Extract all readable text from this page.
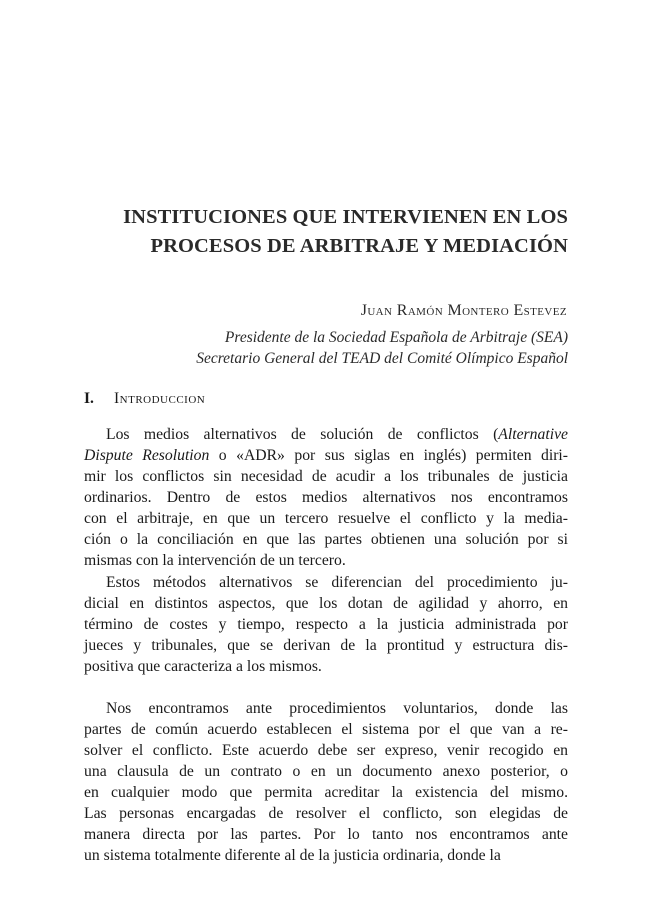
INSTITUCIONES QUE INTERVIENEN EN LOS
PROCESOS DE ARBITRAJE Y MEDIACIÓN
Juan Ramón Montero Estevez
Presidente de la Sociedad Española de Arbitraje (SEA)
Secretario General del TEAD del Comité Olímpico Español
I. Introduccion
Los medios alternativos de solución de conflictos (Alternative
Dispute Resolution o «ADR» por sus siglas en inglés) permiten diri-
mir los conflictos sin necesidad de acudir a los tribunales de justicia
ordinarios. Dentro de estos medios alternativos nos encontramos
con el arbitraje, en que un tercero resuelve el conflicto y la media-
ción o la conciliación en que las partes obtienen una solución por si
mismas con la intervención de un tercero.
Estos métodos alternativos se diferencian del procedimiento ju-
dicial en distintos aspectos, que los dotan de agilidad y ahorro, en
término de costes y tiempo, respecto a la justicia administrada por
jueces y tribunales, que se derivan de la prontitud y estructura dis-
positiva que caracteriza a los mismos.
Nos encontramos ante procedimientos voluntarios, donde las
partes de común acuerdo establecen el sistema por el que van a re-
solver el conflicto. Este acuerdo debe ser expreso, venir recogido en
una clausula de un contrato o en un documento anexo posterior, o
en cualquier modo que permita acreditar la existencia del mismo.
Las personas encargadas de resolver el conflicto, son elegidas de
manera directa por las partes. Por lo tanto nos encontramos ante
un sistema totalmente diferente al de la justicia ordinaria, donde la
